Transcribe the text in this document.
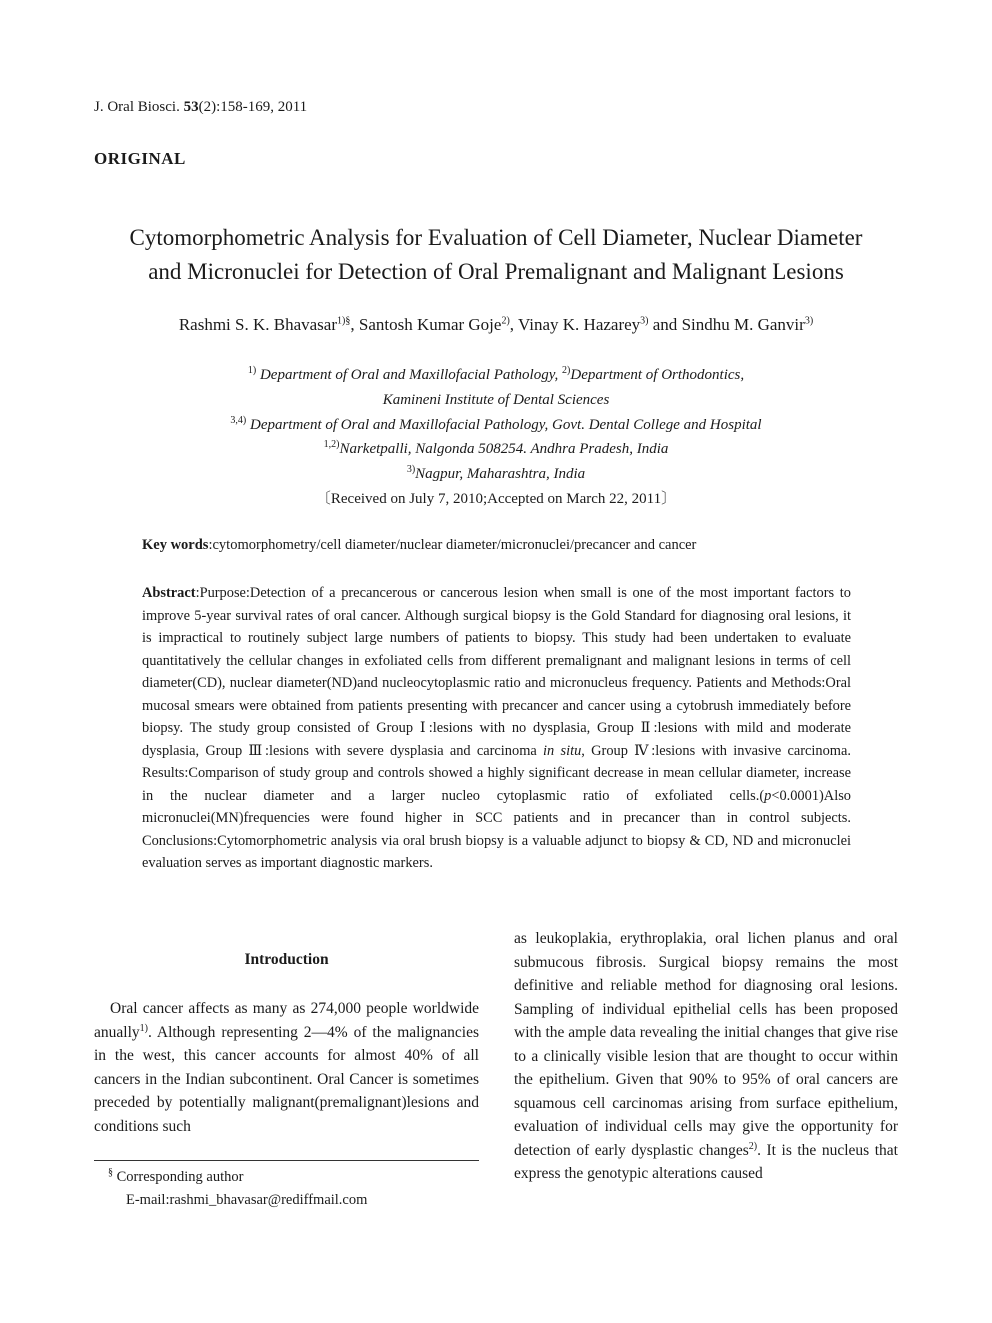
J. Oral Biosci. 53(2):158‑169, 2011
ORIGINAL
Cytomorphometric Analysis for Evaluation of Cell Diameter, Nuclear Diameter
and Micronuclei for Detection of Oral Premalignant and Malignant Lesions
Rashmi S. K. Bhavasar$^{1)\S}$, Santosh Kumar Goje$^{2)}$, Vinay K. Hazarey$^{3)}$ and Sindhu M. Ganvir$^{3)}$
$^{1)}$ Department of Oral and Maxillofacial Pathology, $^{2)}$Department of Orthodontics,
Kamineni Institute of Dental Sciences
$^{3,4)}$ Department of Oral and Maxillofacial Pathology, Govt. Dental College and Hospital
$^{1,2)}$Narketpalli, Nalgonda 508254. Andhra Pradesh, India
$^{3)}$Nagpur, Maharashtra, India
〔Received on July 7, 2010;Accepted on March 22, 2011〕
Key words:cytomorphometry/cell diameter/nuclear diameter/micronuclei/precancer and cancer
Abstract:Purpose:Detection of a precancerous or cancerous lesion when small is one of the most important factors to improve 5‑year survival rates of oral cancer. Although surgical biopsy is the Gold Standard for diagnosing oral lesions, it is impractical to routinely subject large numbers of patients to biopsy. This study had been undertaken to evaluate quantitatively the cellular changes in exfoliated cells from different premalignant and malignant lesions in terms of cell diameter(CD), nuclear diameter(ND)and nucleocytoplasmic ratio and micronucleus frequency. Patients and Methods:Oral mucosal smears were obtained from patients presenting with precancer and cancer using a cytobrush immediately before biopsy. The study group consisted of Group Ⅰ:lesions with no dysplasia, Group Ⅱ:lesions with mild and moderate dysplasia, Group Ⅲ:lesions with severe dysplasia and carcinoma in situ, Group Ⅳ:lesions with invasive carcinoma. Results:Comparison of study group and controls showed a highly significant decrease in mean cellular diameter, increase in the nuclear diameter and a larger nucleo cytoplasmic ratio of exfoliated cells.(p<0.0001)Also micronuclei(MN)frequencies were found higher in SCC patients and in precancer than in control subjects. Conclusions:Cytomorphometric analysis via oral brush biopsy is a valuable adjunct to biopsy & CD, ND and micronuclei evaluation serves as important diagnostic markers.
Introduction

Oral cancer affects as many as 274,000 people worldwide anually$^{1)}$. Although representing 2—4% of the malignancies in the west, this cancer accounts for almost 40% of all cancers in the Indian subcontinent. Oral Cancer is sometimes preceded by potentially malignant(premalignant)lesions and conditions such

§ Corresponding author
E‑mail:rashmi_bhavasar@rediffmail.com

as leukoplakia, erythroplakia, oral lichen planus and oral submucous fibrosis. Surgical biopsy remains the most definitive and reliable method for diagnosing oral lesions. Sampling of individual epithelial cells has been proposed with the ample data revealing the initial changes that give rise to a clinically visible lesion that are thought to occur within the epithelium. Given that 90% to 95% of oral cancers are squamous cell carcinomas arising from surface epithelium, evaluation of individual cells may give the opportunity for detection of early dysplastic changes$^{2)}$. It is the nucleus that express the genotypic alterations caused
